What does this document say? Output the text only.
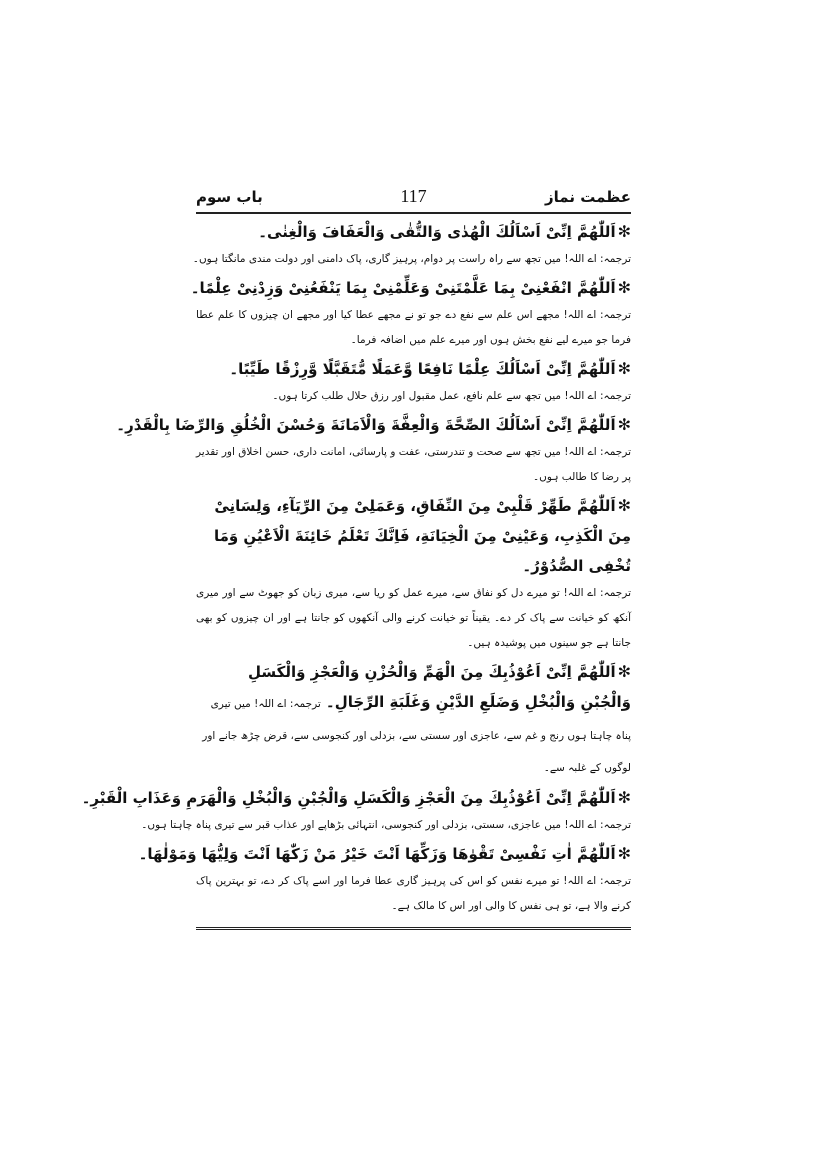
باب سوم	117	عظمت نماز

✻اَللّٰهُمَّ اِنِّیْ اَسْاَلُكَ الْهُدٰی وَالتُّقٰی وَالْعَفَافَ وَالْغِنٰی۔

ترجمہ: اے اللہ! میں تجھ سے راہ راست پر دوام، پرہیز گاری، پاک دامنی اور دولت مندی مانگتا ہوں۔

✻اَللّٰهُمَّ انْفَعْنِیْ بِمَا عَلَّمْتَنِیْ وَعَلِّمْنِیْ بِمَا یَنْفَعُنِیْ وَزِدْنِیْ عِلْمًا۔

ترجمہ: اے اللہ! مجھے اس علم سے نفع دے جو تو نے مجھے عطا کیا اور مجھے ان چیزوں کا علم عطا فرما جو میرے لیے نفع بخش ہوں اور میرے علم میں اضافہ فرما۔

✻اَللّٰهُمَّ اِنِّیْ اَسْاَلُكَ عِلْمًا نَافِعًا وَّعَمَلًا مُّتَقَبَّلًا وَّرِزْقًا طَیِّبًا۔

ترجمہ: اے اللہ! میں تجھ سے علم نافع، عمل مقبول اور رزق حلال طلب کرتا ہوں۔

✻اَللّٰهُمَّ اِنِّیْ اَسْاَلُكَ الصِّحَّةَ وَالْعِفَّةَ وَالْاَمَانَةَ وَحُسْنَ الْخُلُقِ وَالرِّضَا بِالْقَدْرِ۔

ترجمہ: اے اللہ! میں تجھ سے صحت و تندرستی، عفت و پارسائی، امانت داری، حسن اخلاق اور تقدیر پر رضا کا طالب ہوں۔

✻اَللّٰهُمَّ طَهِّرْ قَلْبِیْ مِنَ النِّفَاقِ، وَعَمَلِیْ مِنَ الرِّیَآءِ، وَلِسَانِیْ مِنَ الْكَذِبِ، وَعَیْنِیْ مِنَ الْخِیَانَةِ، فَاِنَّكَ تَعْلَمُ خَائِنَةَ الْاَعْیُنِ وَمَا تُخْفِی الصُّدُوْرُ۔

ترجمہ: اے اللہ! تو میرے دل کو نفاق سے، میرے عمل کو ریا سے، میری زبان کو جھوٹ سے اور میری آنکھ کو خیانت سے پاک کر دے۔ یقیناً تو خیانت کرنے والی آنکھوں کو جانتا ہے اور ان چیزوں کو بھی جانتا ہے جو سینوں میں پوشیدہ ہیں۔

✻اَللّٰهُمَّ اِنِّیْ اَعُوْذُبِكَ مِنَ الْهَمِّ وَالْحُزْنِ وَالْعَجْزِ وَالْكَسَلِ وَالْجُبْنِ وَالْبُخْلِ وَضَلَعِ الدَّیْنِ وَغَلَبَةِ الرِّجَالِ۔ ترجمہ: اے اللہ! میں تیری پناہ چاہتا ہوں رنج و غم سے، عاجزی اور سستی سے، بزدلی اور کنجوسی سے، قرض چڑھ جانے اور لوگوں کے غلبہ سے۔

✻اَللّٰهُمَّ اِنِّیْ اَعُوْذُبِكَ مِنَ الْعَجْزِ وَالْكَسَلِ وَالْجُبْنِ وَالْبُخْلِ وَالْهَرَمِ وَعَذَابِ الْقَبْرِ۔

ترجمہ: اے اللہ! میں عاجزی، سستی، بزدلی اور کنجوسی، انتہائی بڑھاپے اور عذاب قبر سے تیری پناہ چاہتا ہوں۔

✻اَللّٰهُمَّ اٰتِ نَفْسِیْ تَقْوٰهَا وَزَكِّهَا اَنْتَ خَیْرُ مَنْ زَكّٰهَا اَنْتَ وَلِیُّهَا وَمَوْلٰهَا۔

ترجمہ: اے اللہ! تو میرے نفس کو اس کی پرہیز گاری عطا فرما اور اسے پاک کر دے، تو بہترین پاک کرنے والا ہے، تو ہی نفس کا والی اور اس کا مالک ہے۔
